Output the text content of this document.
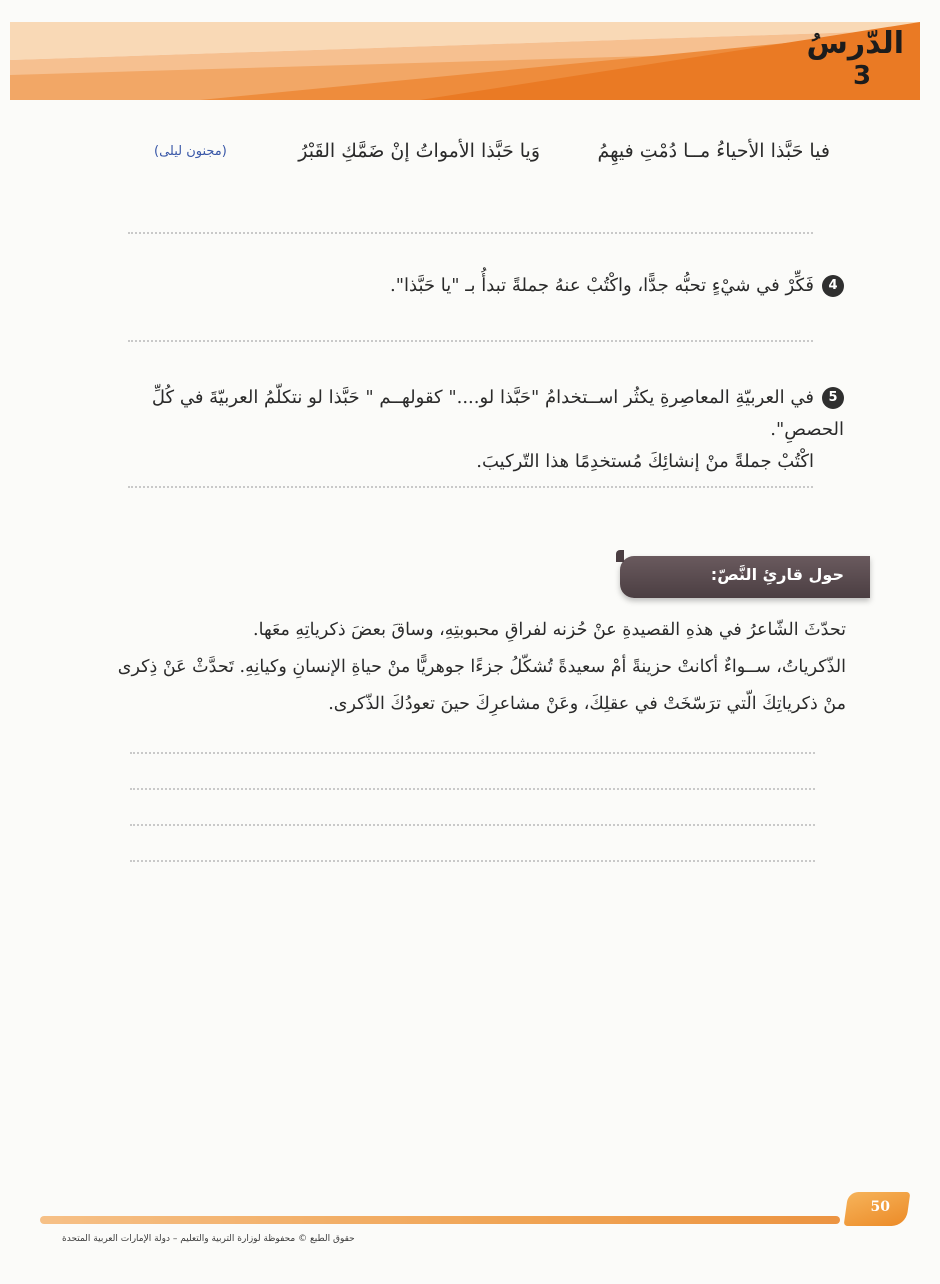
الدّرسُ
3
فيا حَبَّذا الأحياءُ مــا دُمْتِ فيهِمُ
وَيا حَبَّذا الأمواتُ إنْ ضَمَّكِ القَبْرُ
(مجنون ليلى)
4فَكِّرْ في شيْءٍ تحبُّه جدًّا، واكْتُبْ عنهُ جملةً تبدأُ بـ "يا حَبَّذا".
5في العربيّةِ المعاصِرةِ يكثُر اســتخدامُ "حَبَّذا لو...." كقولهــم " حَبَّذا لو نتكلّمُ العربيّةَ في كُلِّ الحصصِ".
اكْتُبْ جملةً منْ إنشائِكَ مُستخدِمًا هذا التّركيبَ.
حول قارئِ النَّصّ:

تحدّثَ الشّاعرُ في هذهِ القصيدةِ عنْ حُزنه لفراقِ محبوبتِهِ، وساقَ بعضَ ذكرياتِهِ معَها.

الذّكرياتُ، ســواءٌ أكانتْ حزينةً أمْ سعيدةً تُشكّلُ جزءًا جوهريًّا منْ حياةِ الإنسانِ وكيانِهِ. تَحدَّثْ عَنْ ذِكرى

منْ ذكرياتِكَ الّتي ترَسّخَتْ في عقلِكَ، وعَنْ مشاعرِكَ حينَ تعودُكَ الذّكرى.

50
حقوق الطبع © محفوظة لوزارة التربية والتعليم – دولة الإمارات العربية المتحدة
